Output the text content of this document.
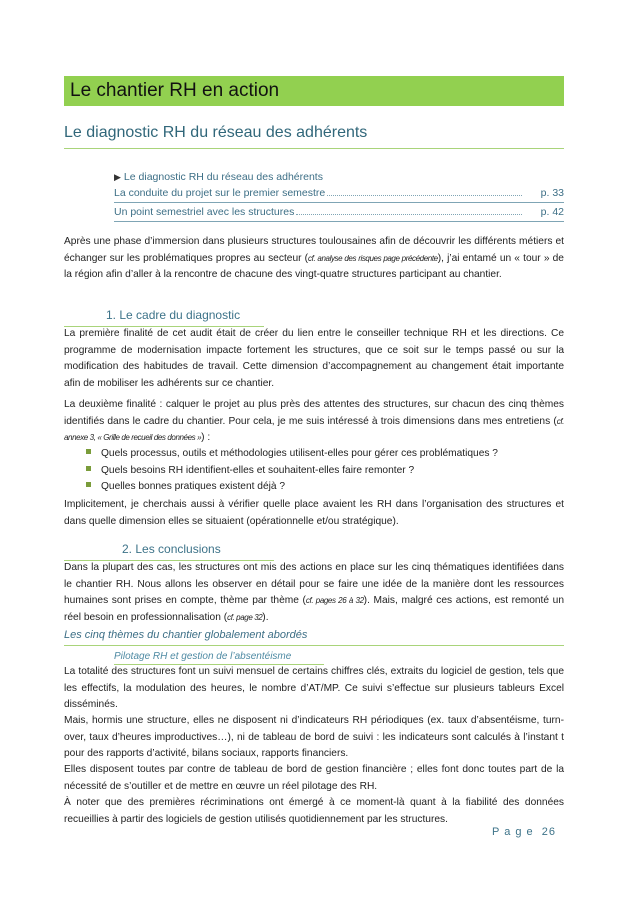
Le chantier RH en action
Le diagnostic RH du réseau des adhérents
▶ Le diagnostic RH du réseau des adhérents
La conduite du projet sur le premier semestre	p. 33
Un point semestriel avec les structures	p. 42

Après une phase d’immersion dans plusieurs structures toulousaines afin de découvrir les différents métiers et échanger sur les problématiques propres au secteur (cf. analyse des risques page précédente), j’ai entamé un « tour » de la région afin d’aller à la rencontre de chacune des vingt-quatre structures participant au chantier.

1. Le cadre du diagnostic

La première finalité de cet audit était de créer du lien entre le conseiller technique RH et les directions. Ce programme de modernisation impacte fortement les structures, que ce soit sur le temps passé ou sur la modification des habitudes de travail. Cette dimension d’accompagnement au changement était importante afin de mobiliser les adhérents sur ce chantier.

La deuxième finalité : calquer le projet au plus près des attentes des structures, sur chacun des cinq thèmes identifiés dans le cadre du chantier. Pour cela, je me suis intéressé à trois dimensions dans mes entretiens (cf. annexe 3, « Grille de recueil des données ») :

Quels processus, outils et méthodologies utilisent-elles pour gérer ces problématiques ?
Quels besoins RH identifient-elles et souhaitent-elles faire remonter ?
Quelles bonnes pratiques existent déjà ?

Implicitement, je cherchais aussi à vérifier quelle place avaient les RH dans l’organisation des structures et dans quelle dimension elles se situaient (opérationnelle et/ou stratégique).

2. Les conclusions

Dans la plupart des cas, les structures ont mis des actions en place sur les cinq thématiques identifiées dans le chantier RH. Nous allons les observer en détail pour se faire une idée de la manière dont les ressources humaines sont prises en compte, thème par thème (cf. pages 26 à 32). Mais, malgré ces actions, est remonté un réel besoin en professionnalisation (cf. page 32).

Les cinq thèmes du chantier globalement abordés
Pilotage RH et gestion de l’absentéisme

La totalité des structures font un suivi mensuel de certains chiffres clés, extraits du logiciel de gestion, tels que les effectifs, la modulation des heures, le nombre d’AT/MP. Ce suivi s’effectue sur plusieurs tableurs Excel disséminés.

Mais, hormis une structure, elles ne disposent ni d’indicateurs RH périodiques (ex. taux d’absentéisme, turn-over, taux d’heures improductives…), ni de tableau de bord de suivi : les indicateurs sont calculés à l’instant t pour des rapports d’activité, bilans sociaux, rapports financiers.

Elles disposent toutes par contre de tableau de bord de gestion financière ; elles font donc toutes part de la nécessité de s’outiller et de mettre en œuvre un réel pilotage des RH.

À noter que des premières récriminations ont émergé à ce moment-là quant à la fiabilité des données recueillies à partir des logiciels de gestion utilisés quotidiennement par les structures.

P a g e 26
